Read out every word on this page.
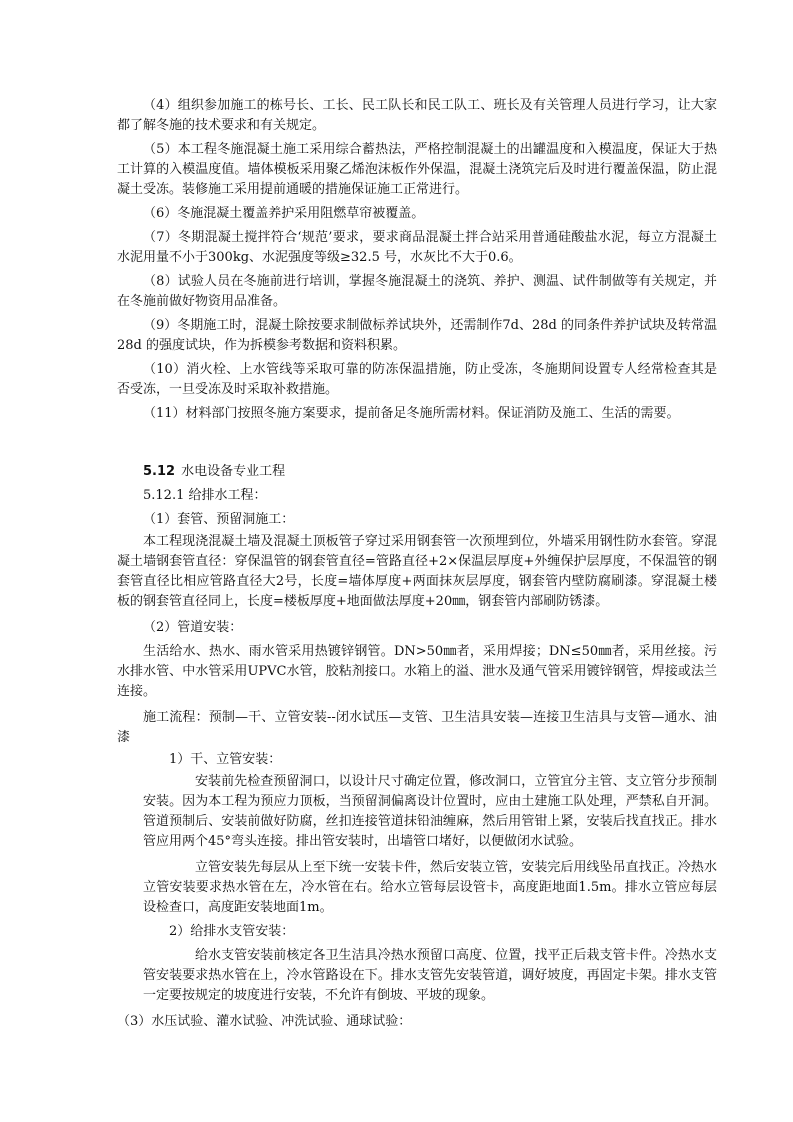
（4）组织参加施工的栋号长、工长、民工队长和民工队工、班长及有关管理人员进行学习，让大家都了解冬施的技术要求和有关规定。

（5）本工程冬施混凝土施工采用综合蓄热法，严格控制混凝土的出罐温度和入模温度，保证大于热工计算的入模温度值。墙体模板采用聚乙烯泡沫板作外保温，混凝土浇筑完后及时进行覆盖保温，防止混凝土受冻。装修施工采用提前通暖的措施保证施工正常进行。

（6）冬施混凝土覆盖养护采用阻燃草帘被覆盖。

（7）冬期混凝土搅拌符合‘规范’要求，要求商品混凝土拌合站采用普通硅酸盐水泥，每立方混凝土水泥用量不小于300kg、水泥强度等级≥32.5 号，水灰比不大于0.6。

（8）试验人员在冬施前进行培训，掌握冬施混凝土的浇筑、养护、测温、试件制做等有关规定，并在冬施前做好物资用品准备。

（9）冬期施工时，混凝土除按要求制做标养试块外，还需制作7d、28d 的同条件养护试块及转常温28d 的强度试块，作为拆模参考数据和资料积累。

（10）消火栓、上水管线等采取可靠的防冻保温措施，防止受冻，冬施期间设置专人经常检查其是否受冻，一旦受冻及时采取补救措施。

（11）材料部门按照冬施方案要求，提前备足冬施所需材料。保证消防及施工、生活的需要。

5.12 水电设备专业工程

5.12.1 给排水工程：

（1）套管、预留洞施工：

本工程现浇混凝土墙及混凝土顶板管子穿过采用钢套管一次预埋到位，外墙采用钢性防水套管。穿混凝土墙钢套管直径：穿保温管的钢套管直径=管路直径+2×保温层厚度+外缠保护层厚度，不保温管的钢套管直径比相应管路直径大2号，长度=墙体厚度+两面抹灰层厚度，钢套管内壁防腐刷漆。穿混凝土楼板的钢套管直径同上，长度=楼板厚度+地面做法厚度+20㎜，钢套管内部刷防锈漆。

（2）管道安装：

生活给水、热水、雨水管采用热镀锌钢管。DN>50㎜者，采用焊接；DN≤50㎜者，采用丝接。污水排水管、中水管采用UPVC水管，胶粘剂接口。水箱上的溢、泄水及通气管采用镀锌钢管，焊接或法兰连接。

施工流程：预制—干、立管安装--闭水试压—支管、卫生洁具安装—连接卫生洁具与支管—通水、油漆

1）干、立管安装：

安装前先检查预留洞口，以设计尺寸确定位置，修改洞口，立管宜分主管、支立管分步预制安装。因为本工程为预应力顶板，当预留洞偏离设计位置时，应由土建施工队处理，严禁私自开洞。管道预制后、安装前做好防腐，丝扣连接管道抹铅油缠麻，然后用管钳上紧，安装后找直找正。排水管应用两个45°弯头连接。排出管安装时，出墙管口堵好，以便做闭水试验。

立管安装先每层从上至下统一安装卡件，然后安装立管，安装完后用线坠吊直找正。冷热水立管安装要求热水管在左，冷水管在右。给水立管每层设管卡，高度距地面1.5m。排水立管应每层设检查口，高度距安装地面1m。

2）给排水支管安装：

给水支管安装前核定各卫生洁具冷热水预留口高度、位置，找平正后栽支管卡件。冷热水支管安装要求热水管在上，冷水管路设在下。排水支管先安装管道，调好坡度，再固定卡架。排水支管一定要按规定的坡度进行安装，不允许有倒坡、平坡的现象。

（3）水压试验、灌水试验、冲洗试验、通球试验：
